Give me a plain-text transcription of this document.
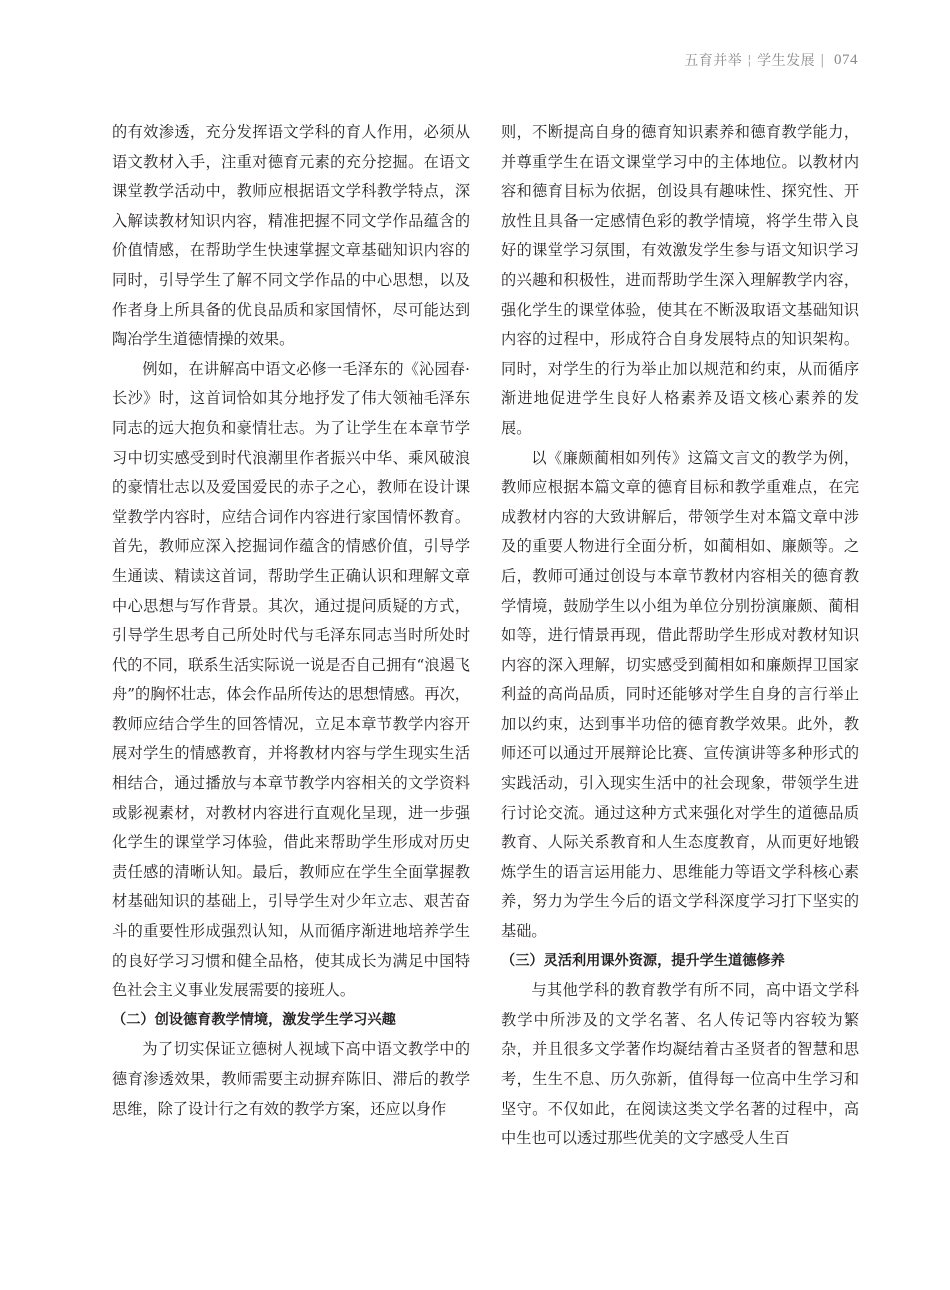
五育并举 ¦ 学生发展 | 074

的有效渗透，充分发挥语文学科的育人作用，必须从语文教材入手，注重对德育元素的充分挖掘。在语文课堂教学活动中，教师应根据语文学科教学特点，深入解读教材知识内容，精准把握不同文学作品蕴含的价值情感，在帮助学生快速掌握文章基础知识内容的同时，引导学生了解不同文学作品的中心思想，以及作者身上所具备的优良品质和家国情怀，尽可能达到陶冶学生道德情操的效果。

例如，在讲解高中语文必修一毛泽东的《沁园春·长沙》时，这首词恰如其分地抒发了伟大领袖毛泽东同志的远大抱负和豪情壮志。为了让学生在本章节学习中切实感受到时代浪潮里作者振兴中华、乘风破浪的豪情壮志以及爱国爱民的赤子之心，教师在设计课堂教学内容时，应结合词作内容进行家国情怀教育。首先，教师应深入挖掘词作蕴含的情感价值，引导学生通读、精读这首词，帮助学生正确认识和理解文章中心思想与写作背景。其次，通过提问质疑的方式，引导学生思考自己所处时代与毛泽东同志当时所处时代的不同，联系生活实际说一说是否自己拥有“浪遏飞舟”的胸怀壮志，体会作品所传达的思想情感。再次，教师应结合学生的回答情况，立足本章节教学内容开展对学生的情感教育，并将教材内容与学生现实生活相结合，通过播放与本章节教学内容相关的文学资料或影视素材，对教材内容进行直观化呈现，进一步强化学生的课堂学习体验，借此来帮助学生形成对历史责任感的清晰认知。最后，教师应在学生全面掌握教材基础知识的基础上，引导学生对少年立志、艰苦奋斗的重要性形成强烈认知，从而循序渐进地培养学生的良好学习习惯和健全品格，使其成长为满足中国特色社会主义事业发展需要的接班人。

（二）创设德育教学情境，激发学生学习兴趣

为了切实保证立德树人视域下高中语文教学中的德育渗透效果，教师需要主动摒弃陈旧、滞后的教学思维，除了设计行之有效的教学方案，还应以身作

则，不断提高自身的德育知识素养和德育教学能力，并尊重学生在语文课堂学习中的主体地位。以教材内容和德育目标为依据，创设具有趣味性、探究性、开放性且具备一定感情色彩的教学情境，将学生带入良好的课堂学习氛围，有效激发学生参与语文知识学习的兴趣和积极性，进而帮助学生深入理解教学内容，强化学生的课堂体验，使其在不断汲取语文基础知识内容的过程中，形成符合自身发展特点的知识架构。同时，对学生的行为举止加以规范和约束，从而循序渐进地促进学生良好人格素养及语文核心素养的发展。

以《廉颇蔺相如列传》这篇文言文的教学为例，教师应根据本篇文章的德育目标和教学重难点，在完成教材内容的大致讲解后，带领学生对本篇文章中涉及的重要人物进行全面分析，如蔺相如、廉颇等。之后，教师可通过创设与本章节教材内容相关的德育教学情境，鼓励学生以小组为单位分别扮演廉颇、蔺相如等，进行情景再现，借此帮助学生形成对教材知识内容的深入理解，切实感受到蔺相如和廉颇捍卫国家利益的高尚品质，同时还能够对学生自身的言行举止加以约束，达到事半功倍的德育教学效果。此外，教师还可以通过开展辩论比赛、宣传演讲等多种形式的实践活动，引入现实生活中的社会现象，带领学生进行讨论交流。通过这种方式来强化对学生的道德品质教育、人际关系教育和人生态度教育，从而更好地锻炼学生的语言运用能力、思维能力等语文学科核心素养，努力为学生今后的语文学科深度学习打下坚实的基础。

（三）灵活利用课外资源，提升学生道德修养

与其他学科的教育教学有所不同，高中语文学科教学中所涉及的文学名著、名人传记等内容较为繁杂，并且很多文学著作均凝结着古圣贤者的智慧和思考，生生不息、历久弥新，值得每一位高中生学习和坚守。不仅如此，在阅读这类文学名著的过程中，高中生也可以透过那些优美的文字感受人生百
